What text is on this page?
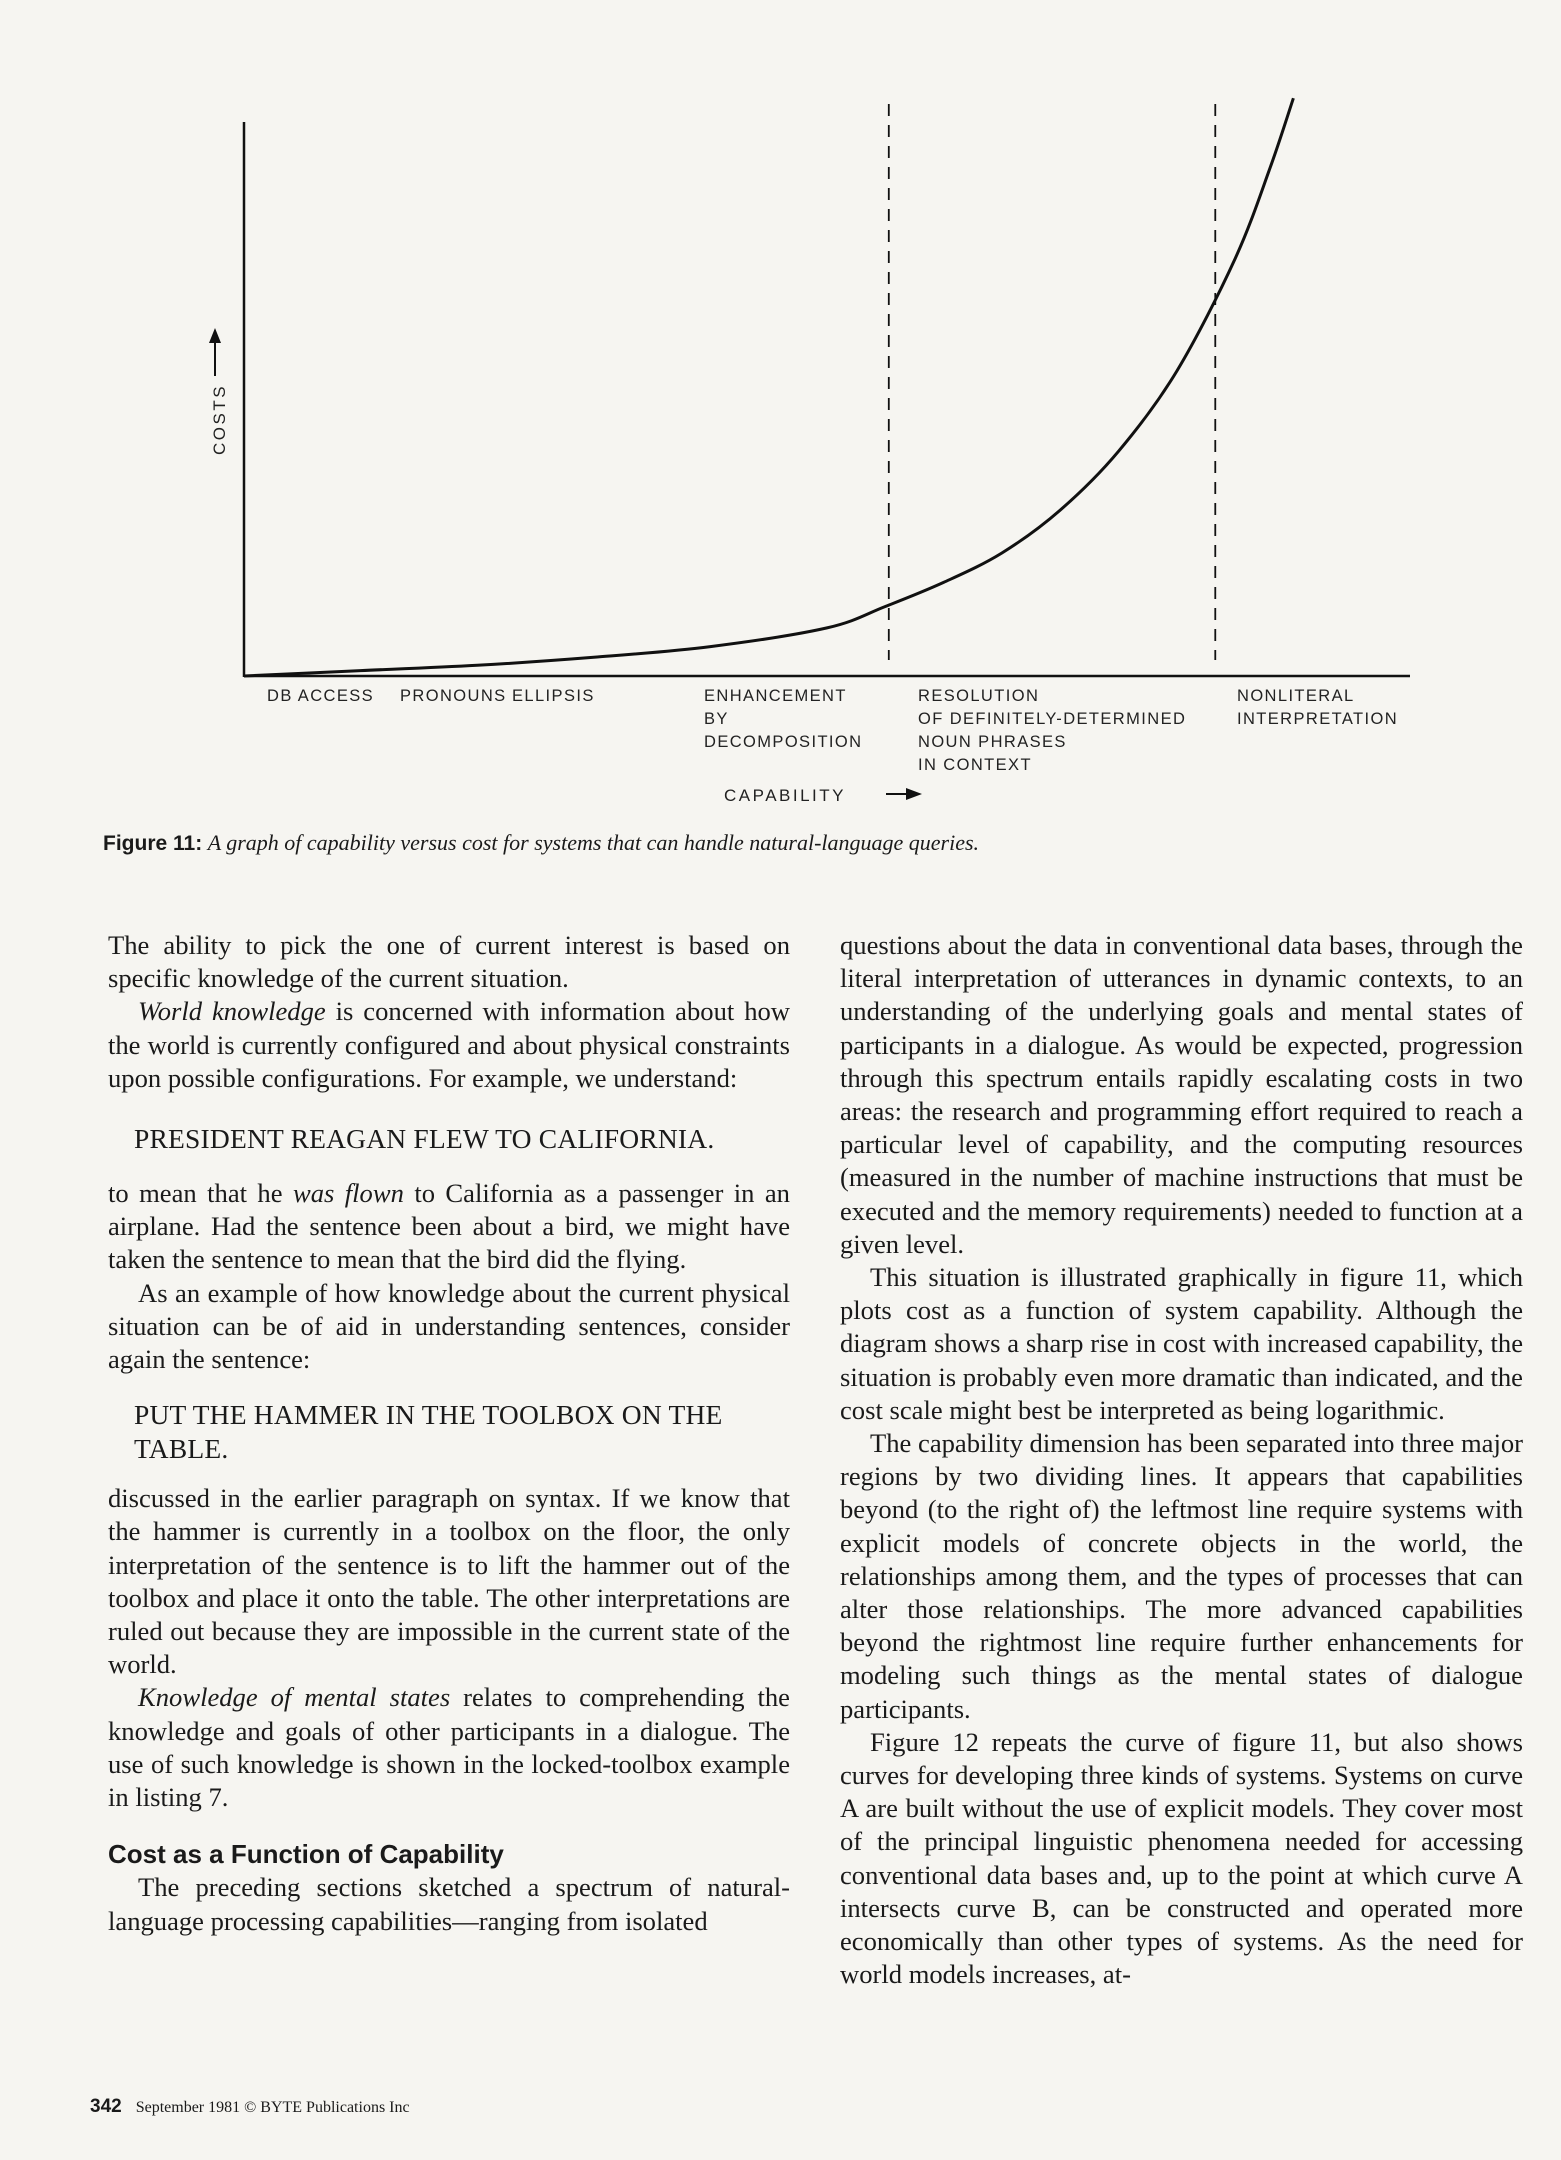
COSTS
DB ACCESS PRONOUNS ELLIPSIS	ENHANCEMENT
BY
DECOMPOSITION
RESOLUTION
OF DEFINITELY-DETERMINED
NOUN PHRASES
IN CONTEXT
NONLITERAL
INTERPRETATION
CAPABILITY
Figure 11: A graph of capability versus cost for systems that can handle natural-language queries.

The ability to pick the one of current interest is based on specific knowledge of the current situation.

World knowledge is concerned with information about how the world is currently configured and about physical constraints upon possible configurations. For example, we understand:

PRESIDENT REAGAN FLEW TO CALIFORNIA.

to mean that he was flown to California as a passenger in an airplane. Had the sentence been about a bird, we might have taken the sentence to mean that the bird did the flying.

As an example of how knowledge about the current physical situation can be of aid in understanding sentences, consider again the sentence:

PUT THE HAMMER IN THE TOOLBOX ON THE TABLE.

discussed in the earlier paragraph on syntax. If we know that the hammer is currently in a toolbox on the floor, the only interpretation of the sentence is to lift the hammer out of the toolbox and place it onto the table. The other interpretations are ruled out because they are impossible in the current state of the world.

Knowledge of mental states relates to comprehending the knowledge and goals of other participants in a dialogue. The use of such knowledge is shown in the locked-toolbox example in listing 7.

Cost as a Function of Capability

The preceding sections sketched a spectrum of natural-language processing capabilities—ranging from isolated

questions about the data in conventional data bases, through the literal interpretation of utterances in dynamic contexts, to an understanding of the underlying goals and mental states of participants in a dialogue. As would be expected, progression through this spectrum entails rapidly escalating costs in two areas: the research and programming effort required to reach a particular level of capability, and the computing resources (measured in the number of machine instructions that must be executed and the memory requirements) needed to function at a given level.

This situation is illustrated graphically in figure 11, which plots cost as a function of system capability. Although the diagram shows a sharp rise in cost with increased capability, the situation is probably even more dramatic than indicated, and the cost scale might best be interpreted as being logarithmic.

The capability dimension has been separated into three major regions by two dividing lines. It appears that capabilities beyond (to the right of) the leftmost line require systems with explicit models of concrete objects in the world, the relationships among them, and the types of processes that can alter those relationships. The more advanced capabilities beyond the rightmost line require further enhancements for modeling such things as the mental states of dialogue participants.

Figure 12 repeats the curve of figure 11, but also shows curves for developing three kinds of systems. Systems on curve A are built without the use of explicit models. They cover most of the principal linguistic phenomena needed for accessing conventional data bases and, up to the point at which curve A intersects curve B, can be constructed and operated more economically than other types of systems. As the need for world models increases, at-

342 September 1981 © BYTE Publications Inc
